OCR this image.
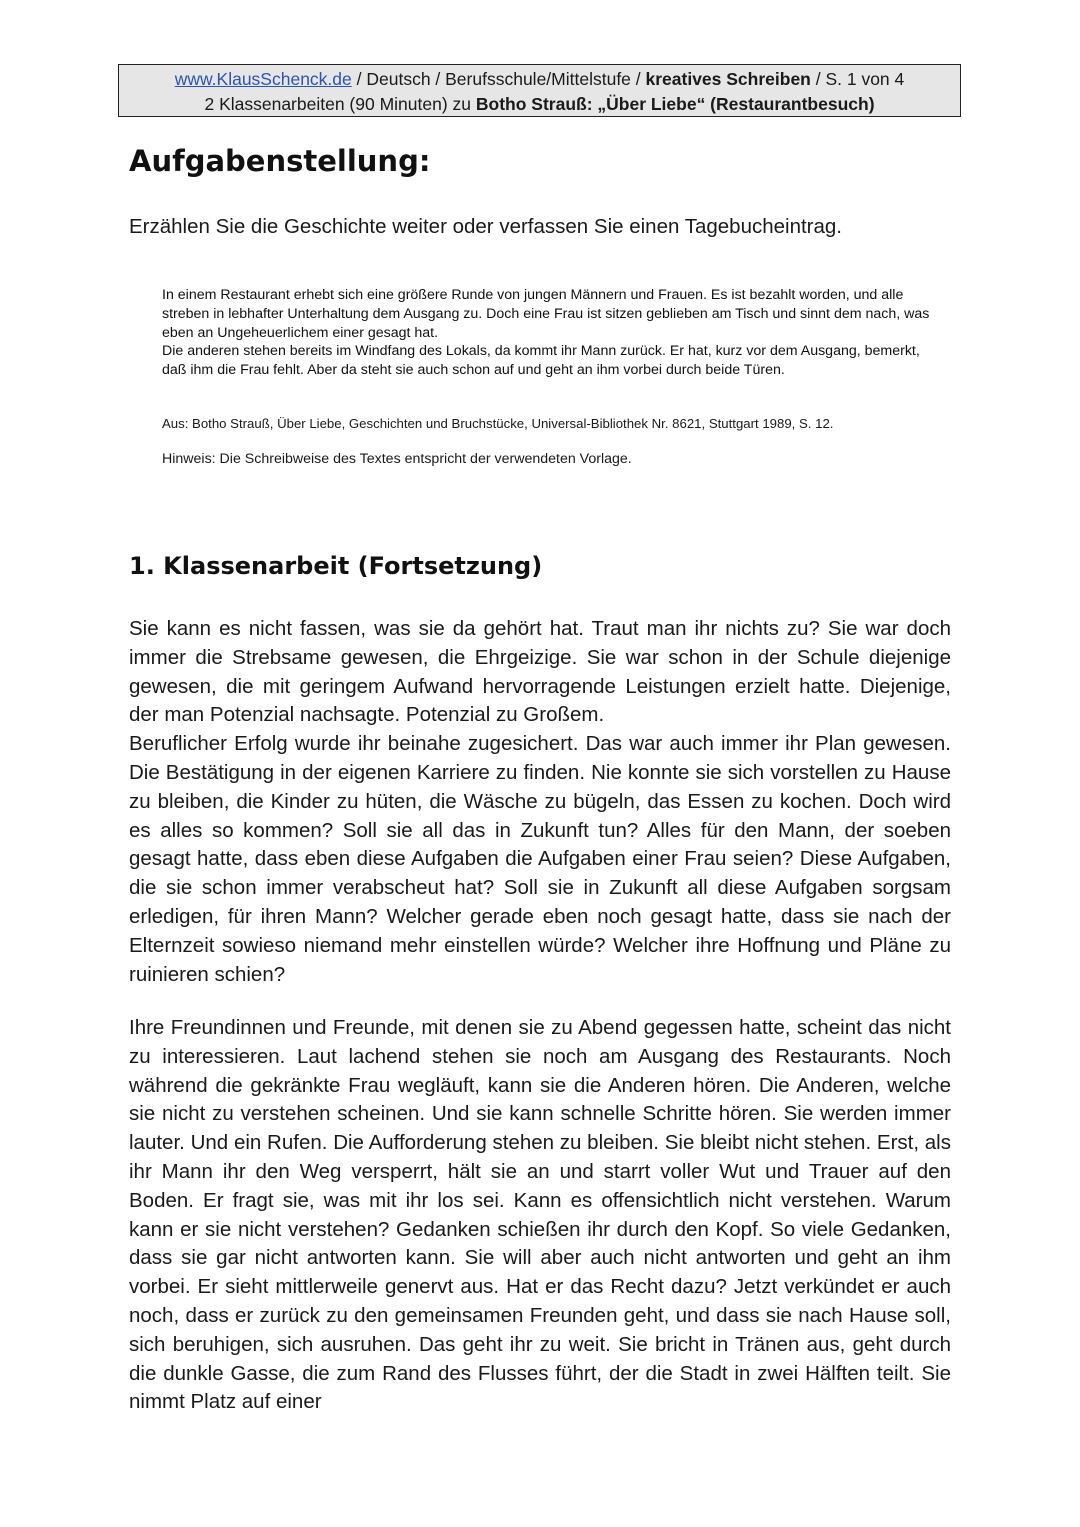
www.KlausSchenck.de / Deutsch / Berufsschule/Mittelstufe / kreatives Schreiben / S. 1 von 4
2 Klassenarbeiten (90 Minuten) zu Botho Strauß: „Über Liebe“ (Restaurantbesuch)
Aufgabenstellung:

Erzählen Sie die Geschichte weiter oder verfassen Sie einen Tagebucheintrag.

In einem Restaurant erhebt sich eine größere Runde von jungen Männern und Frauen. Es ist bezahlt worden, und alle streben in lebhafter Unterhaltung dem Ausgang zu. Doch eine Frau ist sitzen geblieben am Tisch und sinnt dem nach, was eben an Ungeheuerlichem einer gesagt hat.

Die anderen stehen bereits im Windfang des Lokals, da kommt ihr Mann zurück. Er hat, kurz vor dem Ausgang, bemerkt, daß ihm die Frau fehlt. Aber da steht sie auch schon auf und geht an ihm vorbei durch beide Türen.

Aus: Botho Strauß, Über Liebe, Geschichten und Bruchstücke, Universal-Bibliothek Nr. 8621, Stuttgart 1989, S. 12.

Hinweis: Die Schreibweise des Textes entspricht der verwendeten Vorlage.

1. Klassenarbeit (Fortsetzung)
Sie kann es nicht fassen, was sie da gehört hat. Traut man ihr nichts zu? Sie war doch immer die Strebsame gewesen, die Ehrgeizige. Sie war schon in der Schule diejenige gewesen, die mit geringem Aufwand hervorragende Leistungen erzielt hatte. Diejenige, der man Potenzial nachsagte. Potenzial zu Großem.
Beruflicher Erfolg wurde ihr beinahe zugesichert. Das war auch immer ihr Plan gewesen. Die Bestätigung in der eigenen Karriere zu finden. Nie konnte sie sich vorstellen zu Hause zu bleiben, die Kinder zu hüten, die Wäsche zu bügeln, das Essen zu kochen. Doch wird es alles so kommen? Soll sie all das in Zukunft tun? Alles für den Mann, der soeben gesagt hatte, dass eben diese Aufgaben die Aufgaben einer Frau seien? Diese Aufgaben, die sie schon immer verabscheut hat? Soll sie in Zukunft all diese Aufgaben sorgsam erledigen, für ihren Mann? Welcher gerade eben noch gesagt hatte, dass sie nach der Elternzeit sowieso niemand mehr einstellen würde? Welcher ihre Hoffnung und Pläne zu ruinieren schien?

Ihre Freundinnen und Freunde, mit denen sie zu Abend gegessen hatte, scheint das nicht zu interessieren. Laut lachend stehen sie noch am Ausgang des Restaurants. Noch während die gekränkte Frau wegläuft, kann sie die Anderen hören. Die Anderen, welche sie nicht zu verstehen scheinen. Und sie kann schnelle Schritte hören. Sie werden immer lauter. Und ein Rufen. Die Aufforderung stehen zu bleiben. Sie bleibt nicht stehen. Erst, als ihr Mann ihr den Weg versperrt, hält sie an und starrt voller Wut und Trauer auf den Boden. Er fragt sie, was mit ihr los sei. Kann es offensichtlich nicht verstehen. Warum kann er sie nicht verstehen? Gedanken schießen ihr durch den Kopf. So viele Gedanken, dass sie gar nicht antworten kann. Sie will aber auch nicht antworten und geht an ihm vorbei. Er sieht mittlerweile genervt aus. Hat er das Recht dazu? Jetzt verkündet er auch noch, dass er zurück zu den gemeinsamen Freunden geht, und dass sie nach Hause soll, sich beruhigen, sich ausruhen. Das geht ihr zu weit. Sie bricht in Tränen aus, geht durch die dunkle Gasse, die zum Rand des Flusses führt, der die Stadt in zwei Hälften teilt. Sie nimmt Platz auf einer
